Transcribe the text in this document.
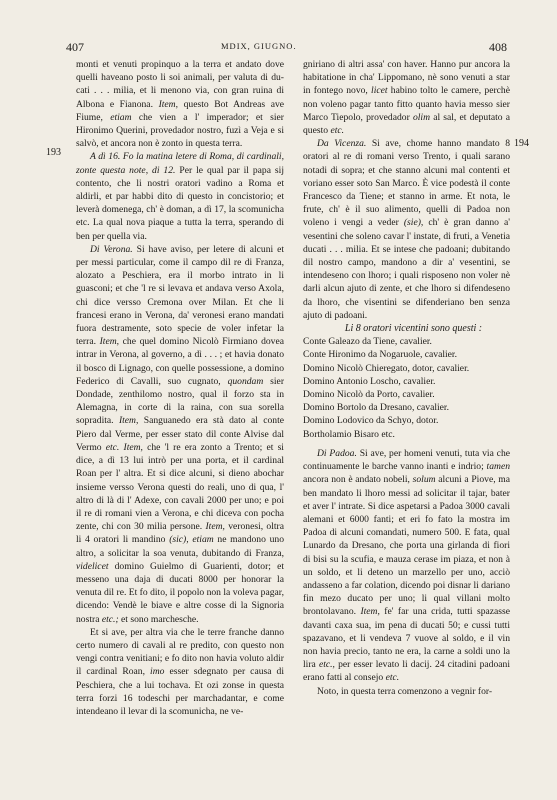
407	MDIX, GIUGNO.	408
193
194

monti et venuti propinquo a la terra et andato dove quelli haveano posto li soi animali, per valuta di du-cati . . . milia, et li menono via, con gran ruina di Albona e Fianona. Item, questo Bot Andreas ave Fiume, etiam che vien a l' imperador; et sier Hironimo Querini, provedador nostro, fuzì a Veja e si salvò, et ancora non è zonto in questa terra.

A dì 16. Fo la matina letere di Roma, di cardinali, zonte questa note, di 12. Per le qual par il papa sij contento, che li nostri oratori vadino a Roma et aldirli, et par habbi dito di questo in concistorio; et leverà domenega, ch' è doman, a dì 17, la scomunicha etc. La qual nova piaque a tutta la terra, sperando di ben per quella via.

Di Verona. Si have aviso, per letere di alcuni et per messi particular, come il campo dil re di Franza, alozato a Peschiera, era il morbo intrato in li guasconi; et che 'l re si levava et andava verso Axola, chi dice versso Cremona over Milan. Et che li francesi erano in Verona, da' veronesi erano mandati fuora destramente, soto specie de voler infetar la terra. Item, che quel domino Nicolò Firmiano dovea intrar in Verona, al governo, a dì . . . ; et havia donato il bosco di Lignago, con quelle possessione, a domino Federico di Cavalli, suo cugnato, quondam sier Dondade, zenthilomo nostro, qual il forzo sta in Alemagna, in corte di la raina, con sua sorella sopradita. Item, Sanguanedo era stà dato al conte Piero dal Verme, per esser stato dil conte Alvise dal Vermo etc. Item, che 'l re era zonto a Trento; et si dice, a dì 13 lui intrò per una porta, et il cardinal Roan per l' altra. Et si dice alcuni, si dieno abochar insieme versso Verona questi do reali, uno di qua, l' altro di là di l' Adexe, con cavali 2000 per uno; e poi il re di romani vien a Verona, e chi diceva con pocha zente, chi con 30 milia persone. Item, veronesi, oltra li 4 oratori li mandino (sic), etiam ne mandono uno altro, a solicitar la soa venuta, dubitando di Franza, videlicet domino Guielmo di Guarienti, dotor; et messeno una daja di ducati 8000 per honorar la venuta dil re. Et fo dito, il popolo non la voleva pagar, dicendo: Vendè le biave e altre cosse di la Signoria nostra etc.; et sono marchesche.

Et si ave, per altra via che le terre franche danno certo numero di cavali al re predito, con questo non vengi contra venitiani; e fo dito non havia voluto aldir il cardinal Roan, imo esser sdegnato per causa di Peschiera, che a lui tochava. Et ozi zonse in questa terra forzi 16 todeschi per marchadantar, e come intendeano il levar di la scomunicha, ne ve-

gniriano di altri assa' con haver. Hanno pur ancora la habitatione in cha' Lippomano, nè sono venuti a star in fontego novo, licet habino tolto le camere, perchè non voleno pagar tanto fitto quanto havia messo sier Marco Tiepolo, provedador olim al sal, et deputato a questo etc.

Da Vicenza. Si ave, chome hanno mandato 8 oratori al re di romani verso Trento, i quali sarano notadi di sopra; et che stanno alcuni mal contenti et voriano esser soto San Marco. È vice podestà il conte Francesco da Tiene; et stanno in arme. Et nota, le frute, ch' è il suo alimento, quelli di Padoa non voleno i vengi a veder (sie), ch' è gran danno a' vesentini che soleno cavar l' instate, di fruti, a Venetia ducati . . . milia. Et se intese che padoani; dubitando dil nostro campo, mandono a dir a' vesentini, se intendeseno con lhoro; i quali risposeno non voler nè darli alcun ajuto di zente, et che lhoro si difendeseno da lhoro, che visentini se difenderiano ben senza ajuto di padoani.

Li 8 oratori vicentini sono questi :

Conte Galeazo da Tiene, cavalier.
Conte Hironimo da Nogaruole, cavalier.
Domino Nicolò Chieregato, dotor, cavalier.
Domino Antonio Loscho, cavalier.
Domino Nicolò da Porto, cavalier.
Domino Bortolo da Dresano, cavalier.
Domino Lodovico da Schyo, dotor.
Bortholamio Bisaro etc.

Di Padoa. Si ave, per homeni venuti, tuta via che continuamente le barche vanno inanti e indrio; tamen ancora non è andato nobeli, solum alcuni a Piove, ma ben mandato li lhoro messi ad solicitar il tajar, bater et aver l' intrate. Si dice aspetarsi a Padoa 3000 cavali alemani et 6000 fanti; et eri fo fato la mostra im Padoa di alcuni comandati, numero 500. E fata, qual Lunardo da Dresano, che porta una girlanda di fiori di bisi su la scufia, e mauza cerase im piaza, et non à un soldo, et li deteno un marzello per uno, acciò andasseno a far colation, dicendo poi disnar li dariano fin mezo ducato per uno; li qual villani molto brontolavano. Item, fe' far una crida, tutti spazasse davanti caxa sua, im pena di ducati 50; e cussi tutti spazavano, et li vendeva 7 vuove al soldo, e il vin non havia precio, tanto ne era, la carne a soldi uno la lira etc., per esser levato li dacij. 24 citadini padoani erano fatti al consejo etc.

Noto, in questa terra comenzono a vegnir for-
